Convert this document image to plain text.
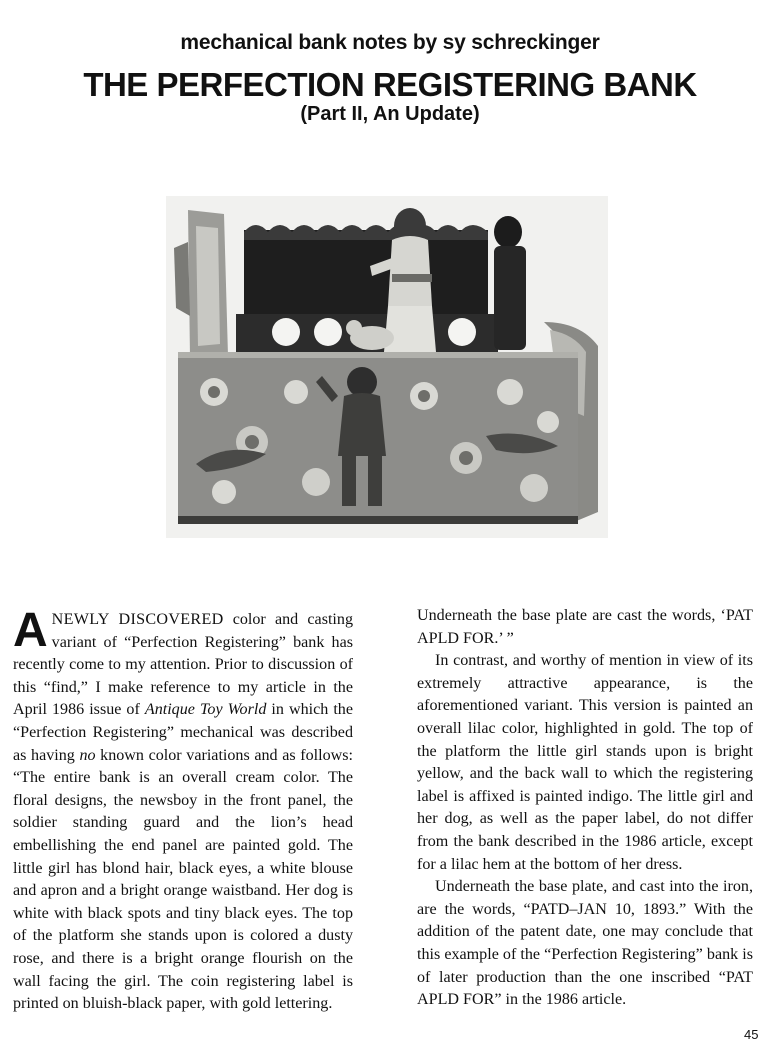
mechanical bank notes by sy schreckinger
THE PERFECTION REGISTERING BANK
(Part II, An Update)

ANEWLY DISCOVERED color and casting variant of “Perfection Registering” bank has recently come to my attention. Prior to discussion of this “find,” I make reference to my article in the April 1986 issue of Antique Toy World in which the “Perfection Registering” mechanical was described as having no known color variations and as follows: “The entire bank is an overall cream color. The floral designs, the newsboy in the front panel, the soldier standing guard and the lion’s head embellishing the end panel are painted gold. The little girl has blond hair, black eyes, a white blouse and apron and a bright orange waistband. Her dog is white with black spots and tiny black eyes. The top of the platform she stands upon is colored a dusty rose, and there is a bright orange flourish on the wall facing the girl. The coin registering label is printed on bluish-black paper, with gold lettering.

Underneath the base plate are cast the words, ‘PAT APLD FOR.’ ”

In contrast, and worthy of mention in view of its extremely attractive appearance, is the aforementioned variant. This version is painted an overall lilac color, highlighted in gold. The top of the platform the little girl stands upon is bright yellow, and the back wall to which the registering label is affixed is painted indigo. The little girl and her dog, as well as the paper label, do not differ from the bank described in the 1986 article, except for a lilac hem at the bottom of her dress.

Underneath the base plate, and cast into the iron, are the words, “PATD–JAN 10, 1893.” With the addition of the patent date, one may conclude that this example of the “Perfection Registering” bank is of later production than the one inscribed “PAT APLD FOR” in the 1986 article.

45
